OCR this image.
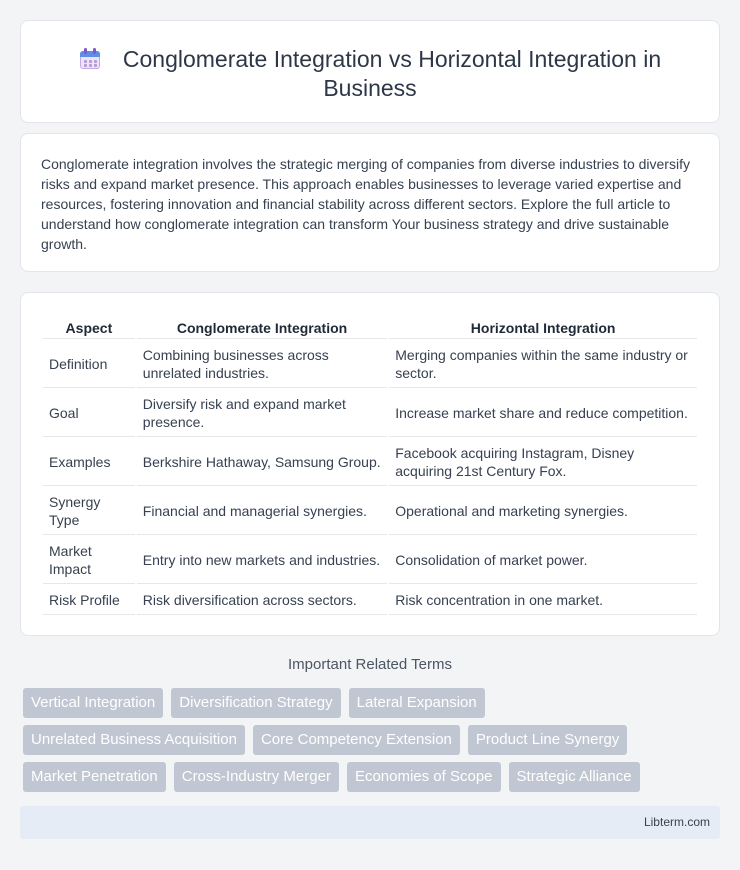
Conglomerate Integration vs Horizontal Integration in Business

Conglomerate integration involves the strategic merging of companies from diverse industries to diversify risks and expand market presence. This approach enables businesses to leverage varied expertise and resources, fostering innovation and financial stability across different sectors. Explore the full article to understand how conglomerate integration can transform Your business strategy and drive sustainable growth.

Aspect	Conglomerate Integration	Horizontal Integration
Definition	Combining businesses across unrelated industries.	Merging companies within the same industry or sector.
Goal	Diversify risk and expand market presence.	Increase market share and reduce competition.
Examples	Berkshire Hathaway, Samsung Group.	Facebook acquiring Instagram, Disney acquiring 21st Century Fox.
Synergy Type	Financial and managerial synergies.	Operational and marketing synergies.
Market Impact	Entry into new markets and industries.	Consolidation of market power.
Risk Profile	Risk diversification across sectors.	Risk concentration in one market.
Important Related Terms
Vertical Integration	Diversification Strategy	Lateral Expansion
Unrelated Business Acquisition	Core Competency Extension	Product Line Synergy
Market Penetration	Cross-Industry Merger	Economies of Scope	Strategic Alliance
Libterm.com
